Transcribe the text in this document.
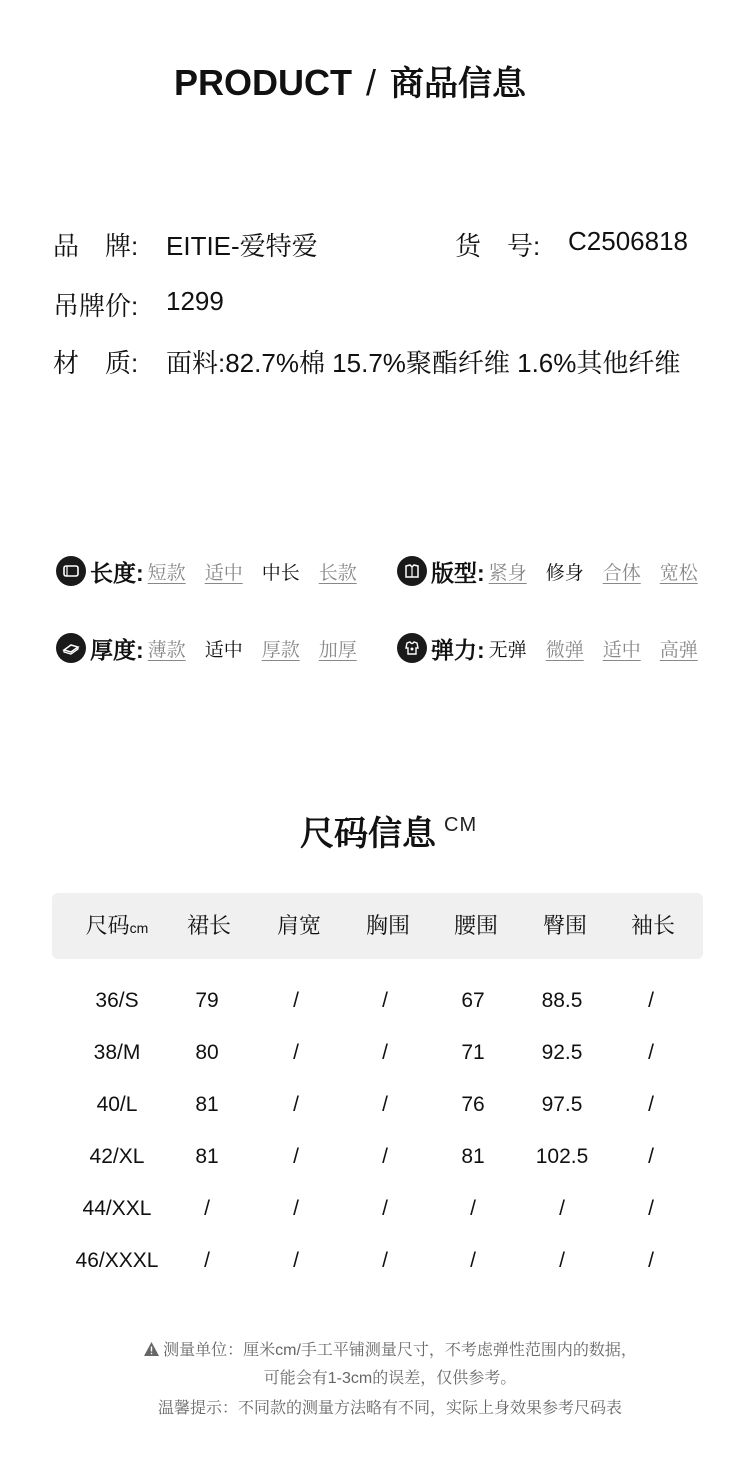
PRODUCT / 商品信息
品　牌: EITIE-爱特爱	货　号: C2506818
吊牌价: 1299
材　质: 面料:82.7%棉 15.7%聚酯纤维 1.6%其他纤维
长度: 短款 适中 中长 长款	版型: 紧身 修身 合体 宽松
厚度: 薄款 适中 厚款 加厚	弹力: 无弹 微弹 适中 高弹
尺码信息 CM
尺码cm	裙长	肩宽	胸围	腰围	臀围	袖长
36/S	79	/	/	67	88.5	/
38/M	80	/	/	71	92.5	/
40/L	81	/	/	76	97.5	/
42/XL	81	/	/	81	102.5	/
44/XXL	/	/	/	/	/	/
46/XXXL	/	/	/	/	/	/
测量单位：厘米cm/手工平铺测量尺寸，不考虑弹性范围内的数据，
可能会有1-3cm的误差，仅供参考。
温馨提示：不同款的测量方法略有不同，实际上身效果参考尺码表
